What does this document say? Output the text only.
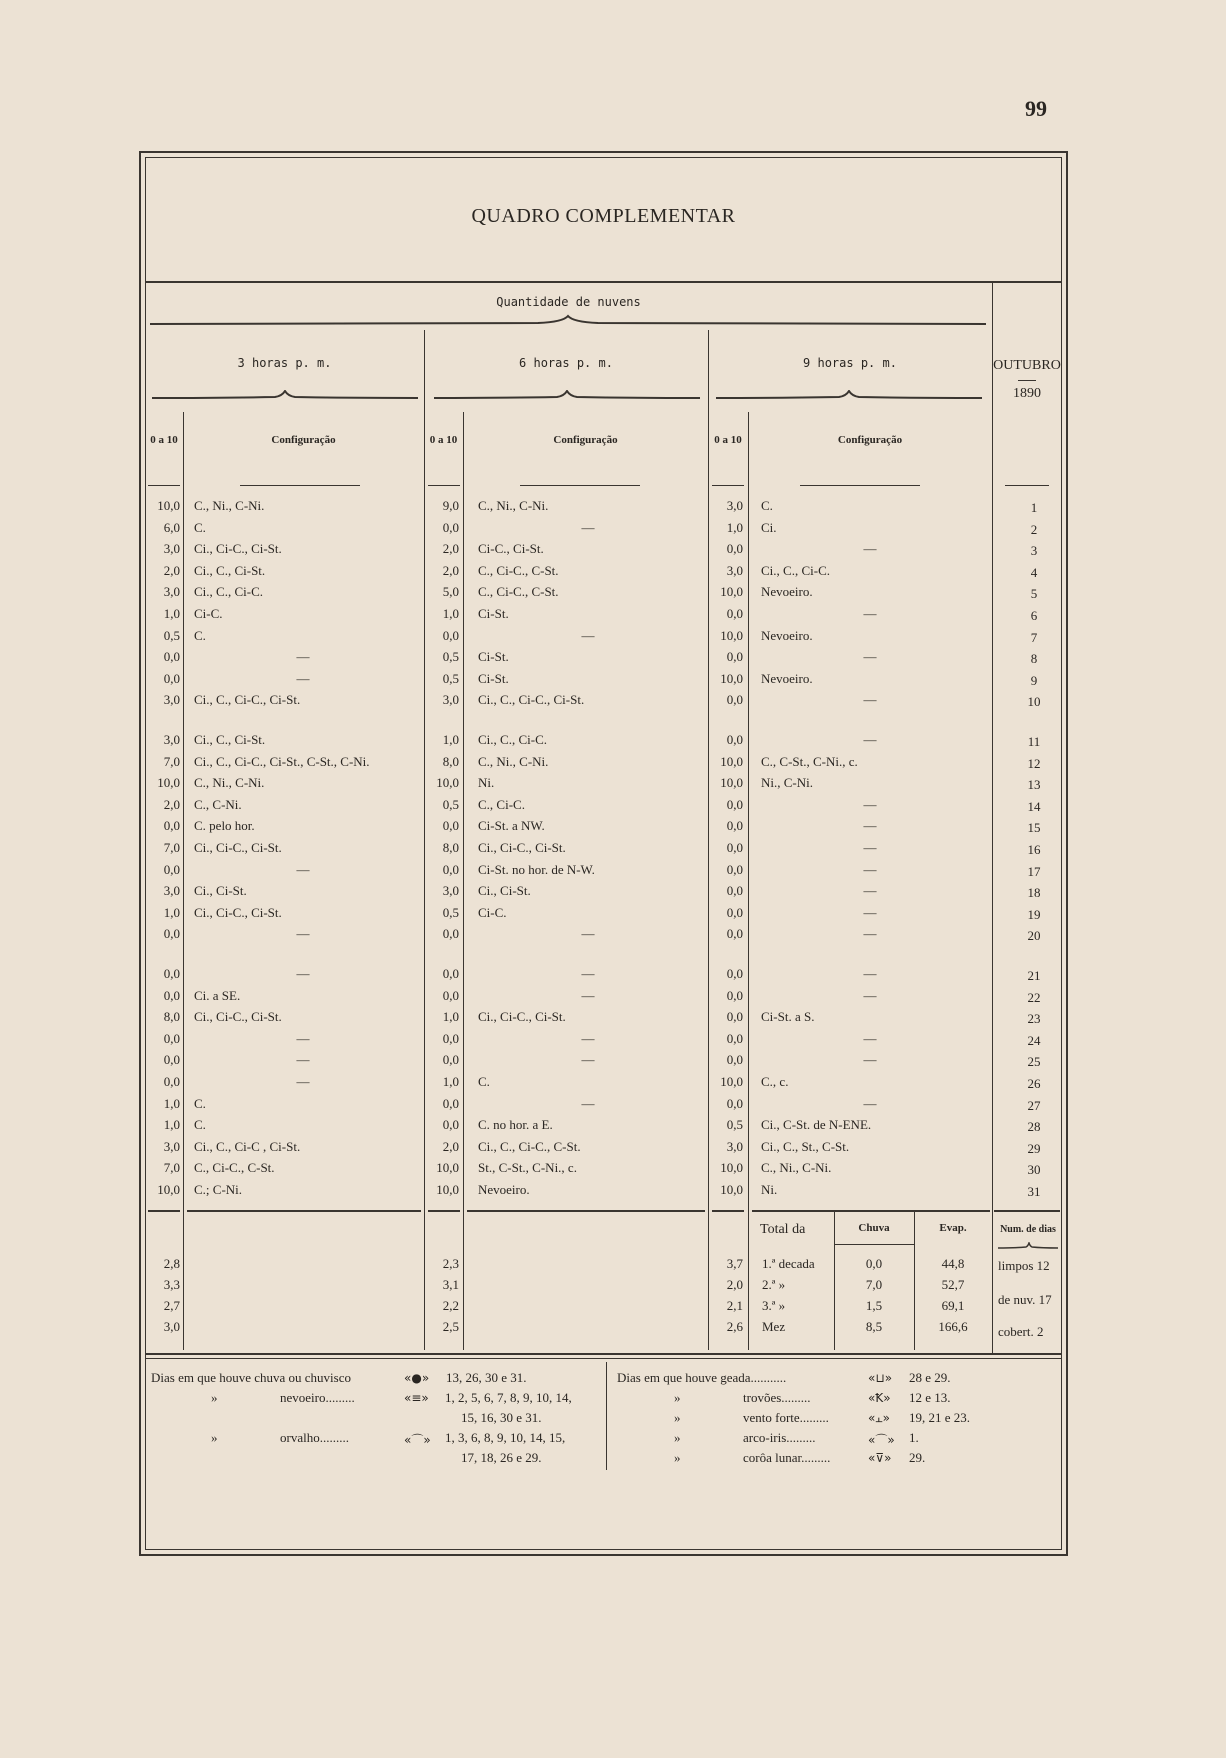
99
QUADRO COMPLEMENTAR
Quantidade de nuvens
3 horas p. m.	6 horas p. m.	9 horas p. m.	OUTUBRO
1890
0 a 10	Configuração	0 a 10	Configuração	0 a 10	Configuração
10,0 C., Ni., C-Ni.	9,0 C., Ni., C-Ni.	3,0 C.	1
6,0 C.	0,0	—	1,0 Ci.	2
3,0 Ci., Ci-C., Ci-St.	2,0 Ci-C., Ci-St.	0,0	—	3
2,0 Ci., C., Ci-St.	2,0 C., Ci-C., C-St.	3,0 Ci., C., Ci-C.	4
3,0 Ci., C., Ci-C.	5,0 C., Ci-C., C-St.	10,0 Nevoeiro.	5
1,0 Ci-C.	1,0 Ci-St.	0,0	—	6
0,5 C.	0,0	—	10,0 Nevoeiro.	7
0,0	—	0,5 Ci-St.	0,0	—	8
0,0	—	0,5 Ci-St.	10,0 Nevoeiro.	9
3,0 Ci., C., Ci-C., Ci-St.	3,0 Ci., C., Ci-C., Ci-St.	0,0	—	10
3,0 Ci., C., Ci-St.	1,0 Ci., C., Ci-C.	0,0	—	11
7,0 Ci., C., Ci-C., Ci-St., C-St., C-Ni.	8,0 C., Ni., C-Ni.	10,0 C., C-St., C-Ni., c.	12
10,0 C., Ni., C-Ni.	10,0 Ni.	10,0 Ni., C-Ni.	13
2,0 C., C-Ni.	0,5 C., Ci-C.	0,0	—	14
0,0 C. pelo hor.	0,0 Ci-St. a NW.	0,0	—	15
7,0 Ci., Ci-C., Ci-St.	8,0 Ci., Ci-C., Ci-St.	0,0	—	16
0,0	—	0,0 Ci-St. no hor. de N-W.	0,0	—	17
3,0 Ci., Ci-St.	3,0 Ci., Ci-St.	0,0	—	18
1,0 Ci., Ci-C., Ci-St.	0,5 Ci-C.	0,0	—	19
0,0	—	0,0	—	0,0	—	20
0,0	—	0,0	—	0,0	—	21
0,0 Ci. a SE.	0,0	—	0,0	—	22
8,0 Ci., Ci-C., Ci-St.	1,0 Ci., Ci-C., Ci-St.	0,0 Ci-St. a S.	23
0,0	—	0,0	—	0,0	—	24
0,0	—	0,0	—	0,0	—	25
0,0	—	1,0 C.	10,0 C., c.	26
1,0 C.	0,0	—	0,0	—	27
1,0 C.	0,0 C. no hor. a E.	0,5 Ci., C-St. de N-ENE.	28
3,0 Ci., C., Ci-C , Ci-St.	2,0 Ci., C., Ci-C., C-St.	3,0 Ci., C., St., C-St.	29
7,0 C., Ci-C., C-St.	10,0 St., C-St., C-Ni., c.	10,0 C., Ni., C-Ni.	30
10,0 C.; C-Ni.	10,0 Nevoeiro.	10,0 Ni.	31
Total da	Chuva	Evap.	Num. de dias
2,8	2,3	3,7 1.ª decada	0,0	44,8
3,3	3,1	2,0 2.ª »	7,0	52,7
2,7	2,2	2,1 3.ª »	1,5	69,1
3,0	2,5	2,6 Mez	8,5	166,6
limpos 12
de nuv. 17
cobert. 2
Dias em que houve chuva ou chuvisco	«●» 13, 26, 30 e 31.
»	nevoeiro.........	«≡» 1, 2, 5, 6, 7, 8, 9, 10, 14,
15, 16, 30 e 31.
»	orvalho.........	«⌒» 1, 3, 6, 8, 9, 10, 14, 15,
17, 18, 26 e 29.
Dias em que houve geada...........	«⊔» 28 e 29.
»	trovões.........	«Ꝁ» 12 e 13.
»	vento forte.........	«⫠» 19, 21 e 23.
»	arco-iris.........	«⌒» 1.
»	corôa lunar.........	«⊽» 29.
